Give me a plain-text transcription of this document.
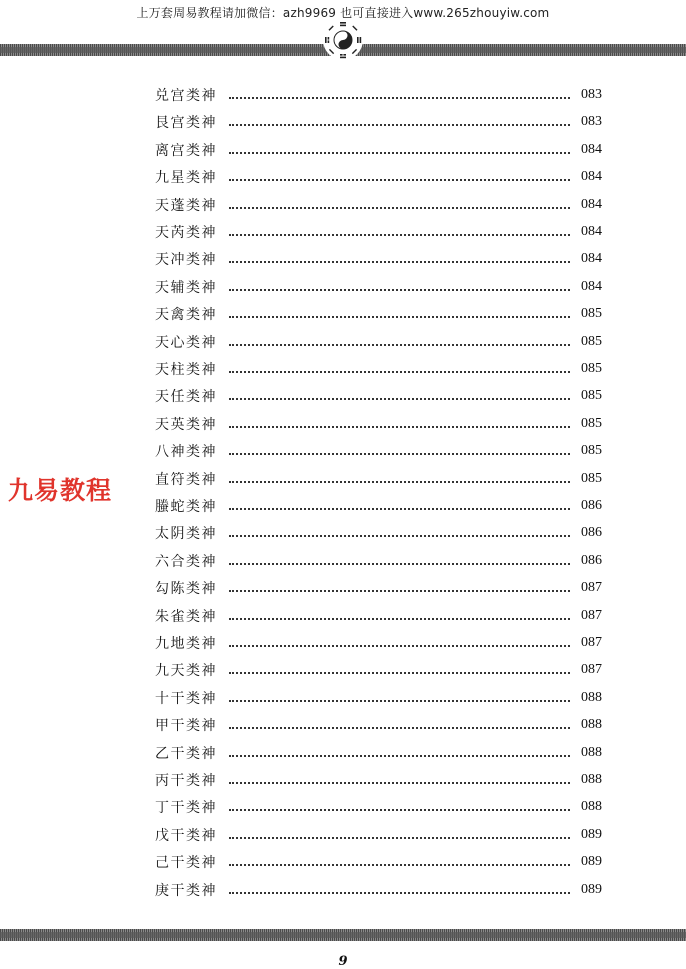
上万套周易教程请加微信：azh9969 也可直接进入www.265zhouyiw.com
九易教程
兑宫类神	083
艮宫类神	083
离宫类神	084
九星类神	084
天蓬类神	084
天芮类神	084
天冲类神	084
天辅类神	084
天禽类神	085
天心类神	085
天柱类神	085
天任类神	085
天英类神	085
八神类神	085
直符类神	085
螣蛇类神	086
太阴类神	086
六合类神	086
勾陈类神	087
朱雀类神	087
九地类神	087
九天类神	087
十干类神	088
甲干类神	088
乙干类神	088
丙干类神	088
丁干类神	088
戊干类神	089
己干类神	089
庚干类神	089
9
